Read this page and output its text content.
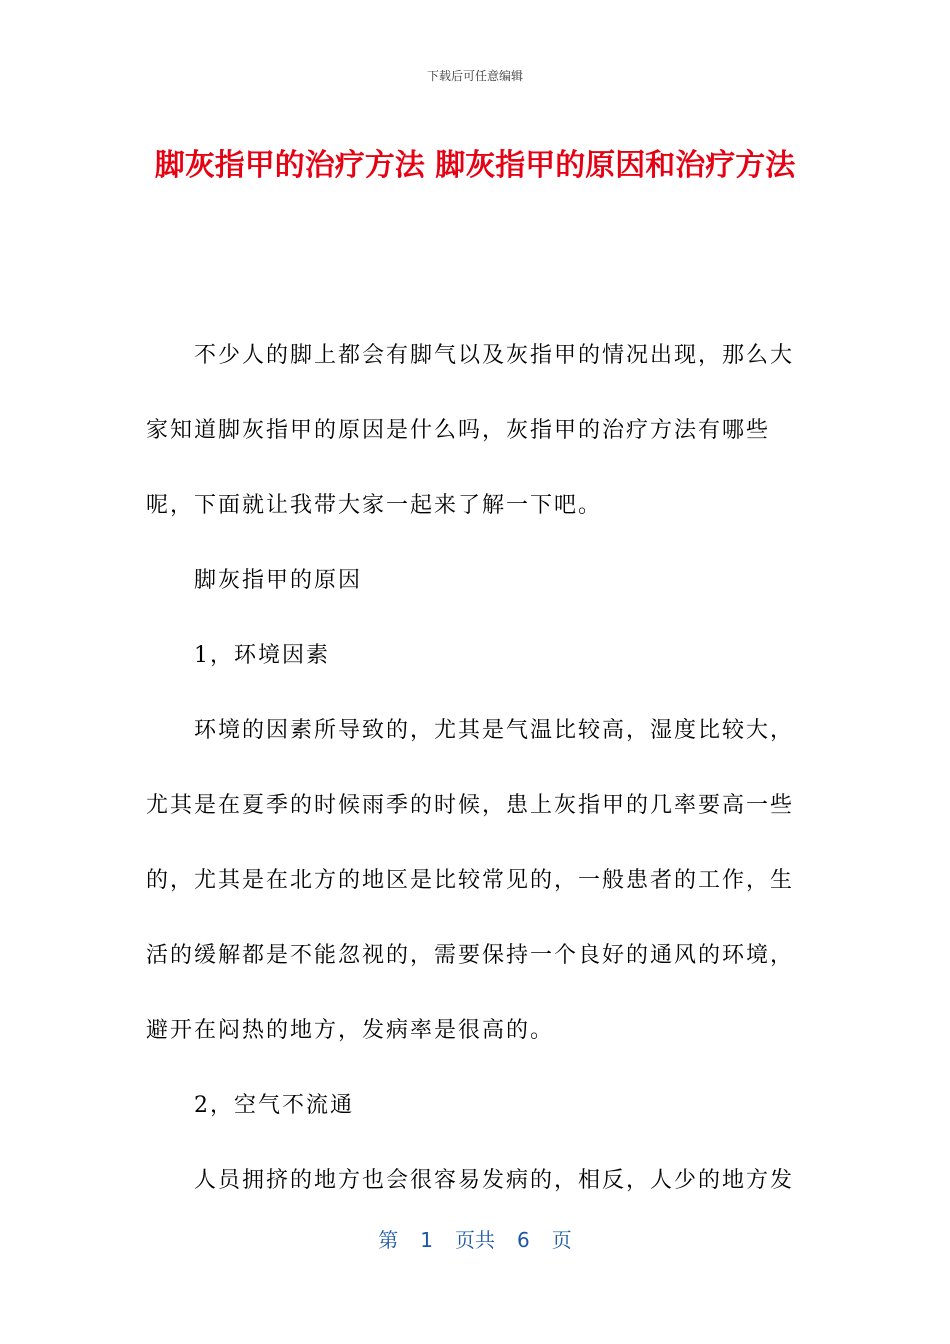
下载后可任意编辑
脚灰指甲的治疗方法 脚灰指甲的原因和治疗方法

不少人的脚上都会有脚气以及灰指甲的情况出现，那么大家知道脚灰指甲的原因是什么吗，灰指甲的治疗方法有哪些呢，下面就让我带大家一起来了解一下吧。

脚灰指甲的原因

1，环境因素

环境的因素所导致的，尤其是气温比较高，湿度比较大，尤其是在夏季的时候雨季的时候，患上灰指甲的几率要高一些的，尤其是在北方的地区是比较常见的，一般患者的工作，生活的缓解都是不能忽视的，需要保持一个良好的通风的环境，避开在闷热的地方，发病率是很高的。

2，空气不流通

人员拥挤的地方也会很容易发病的，相反，人少的地方发

第 1 页共 6 页
